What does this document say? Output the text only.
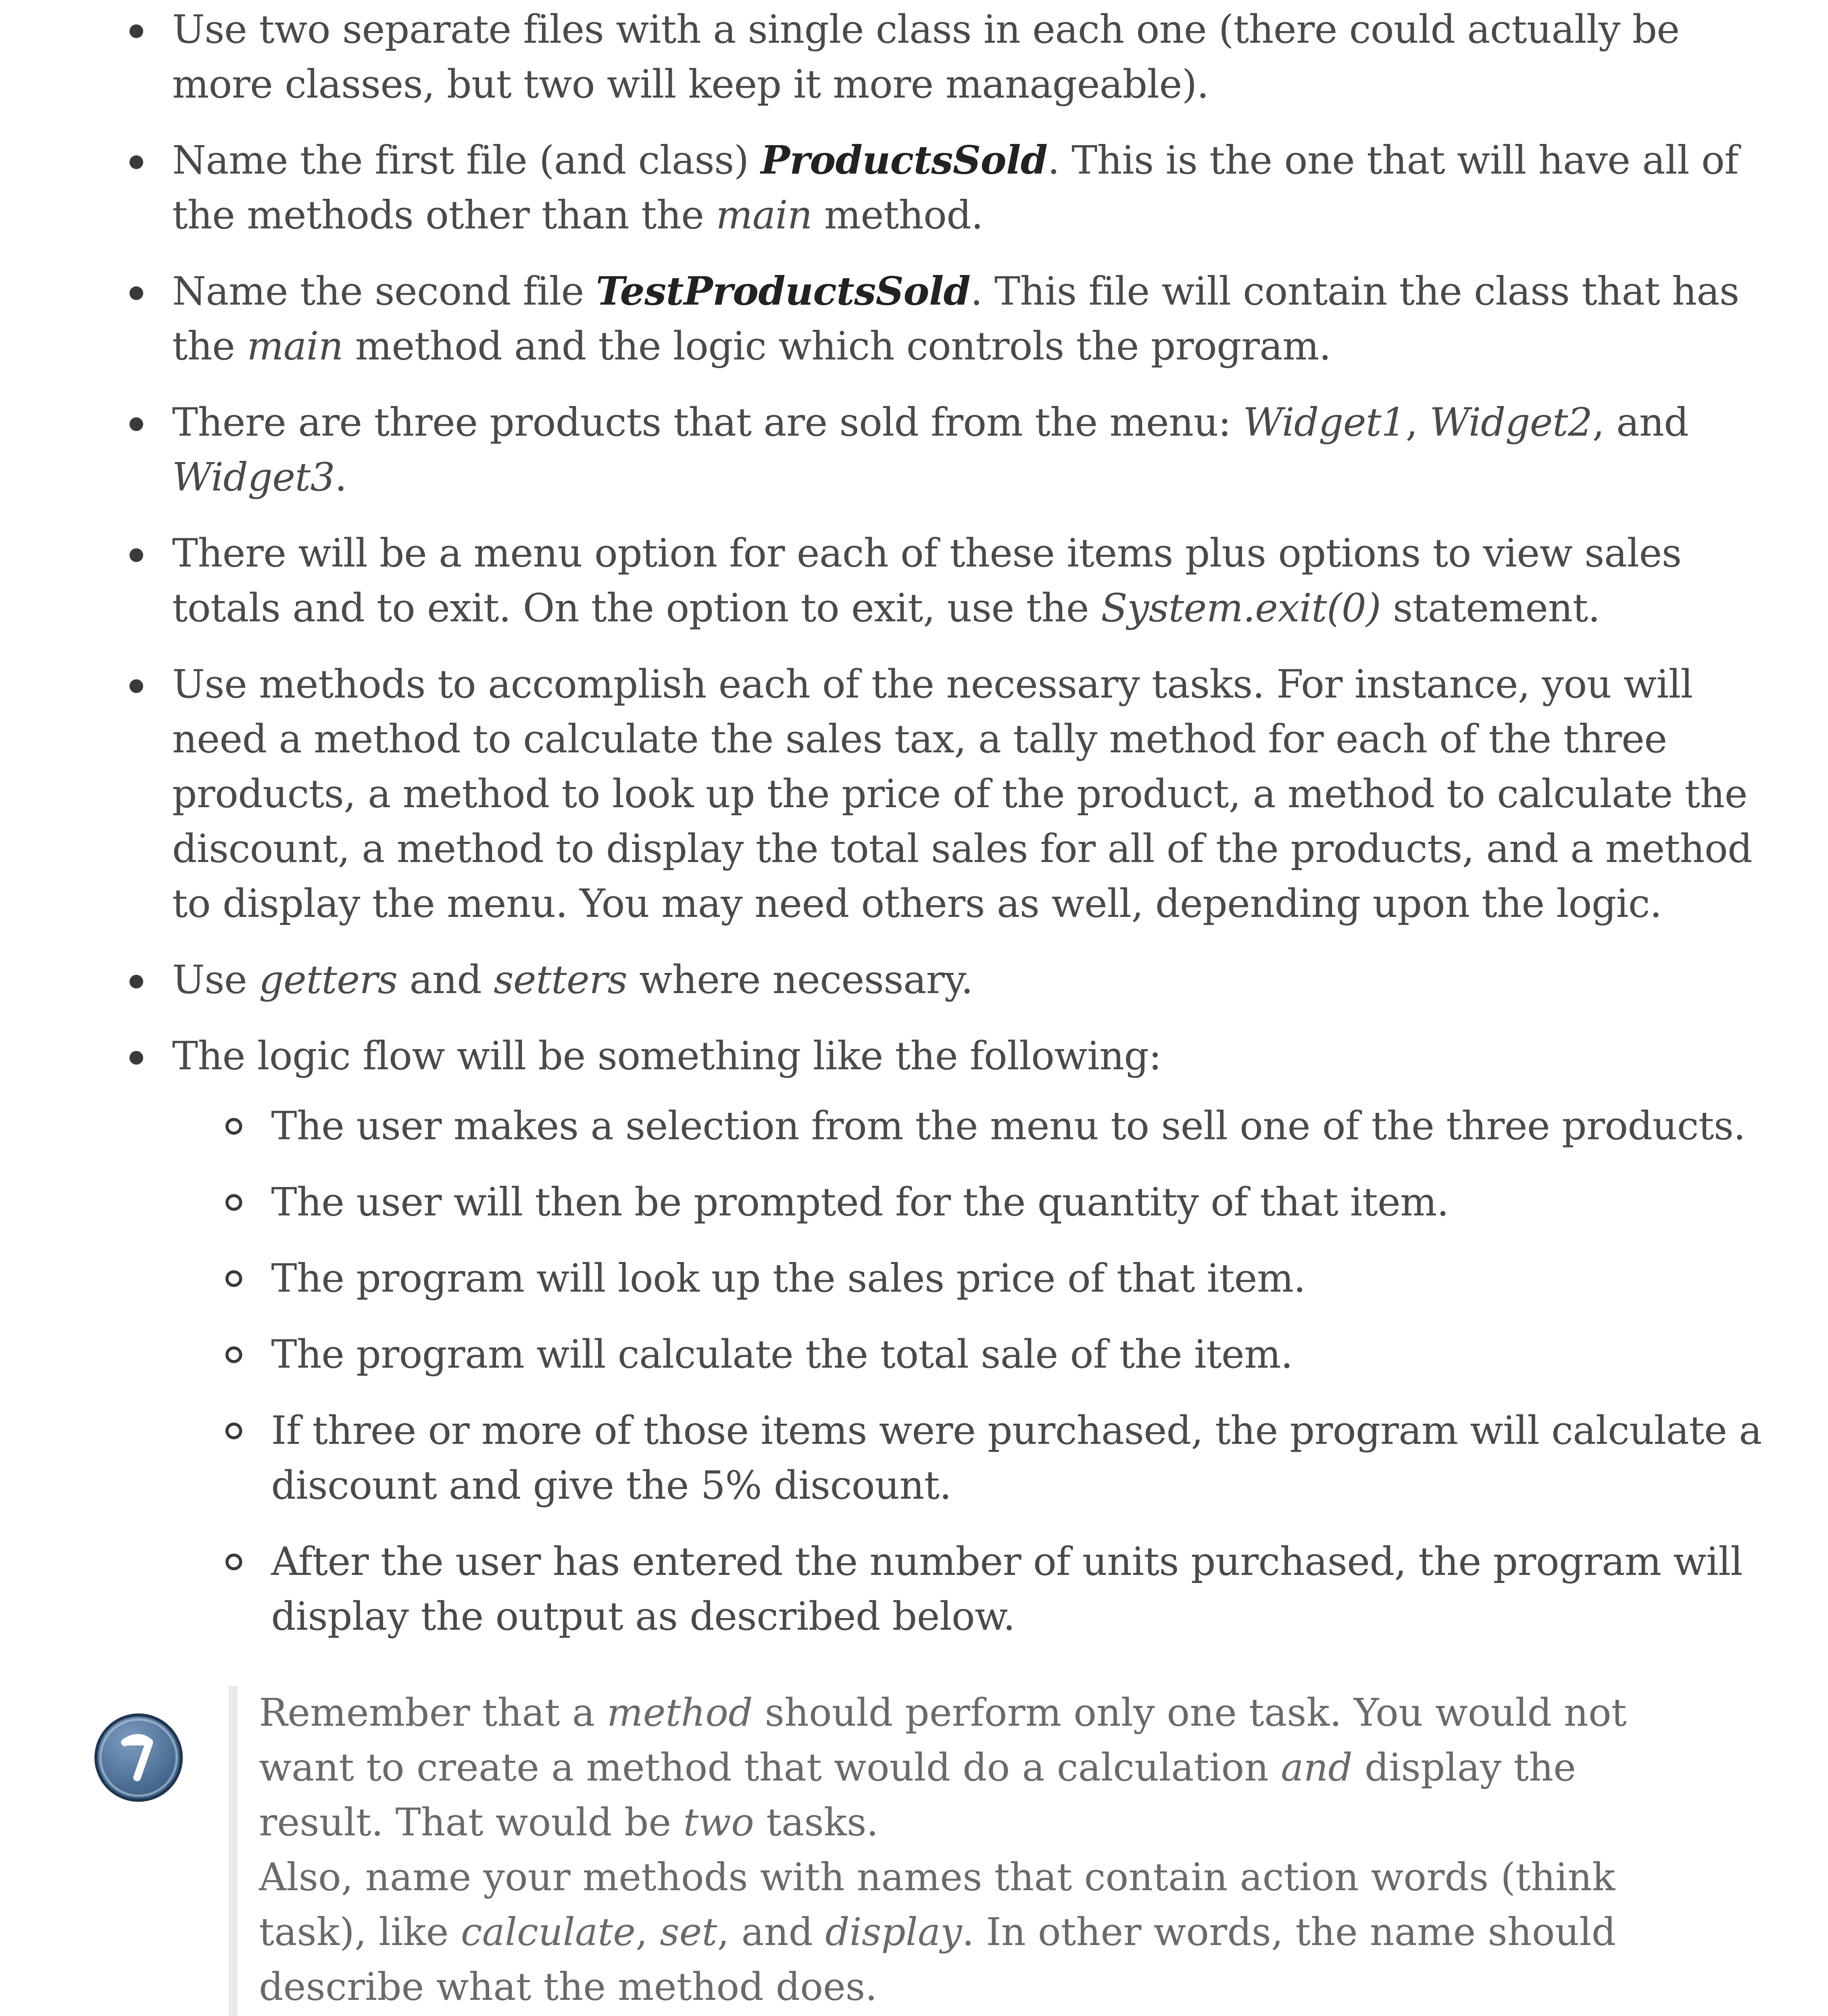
Use two separate files with a single class in each one (there could actually be more classes, but two will keep it more manageable).
Name the first file (and class) ProductsSold. This is the one that will have all of the methods other than the main method.
Name the second file TestProductsSold. This file will contain the class that has the main method and the logic which controls the program.
There are three products that are sold from the menu: Widget1, Widget2, and Widget3.
There will be a menu option for each of these items plus options to view sales totals and to exit. On the option to exit, use the System.exit(0) statement.
Use methods to accomplish each of the necessary tasks. For instance, you will need a method to calculate the sales tax, a tally method for each of the three products, a method to look up the price of the product, a method to calculate the discount, a method to display the total sales for all of the products, and a method to display the menu. You may need others as well, depending upon the logic.
Use getters and setters where necessary.
The logic flow will be something like the following:
The user makes a selection from the menu to sell one of the three products.
The user will then be prompted for the quantity of that item.
The program will look up the sales price of that item.
The program will calculate the total sale of the item.
If three or more of those items were purchased, the program will calculate a discount and give the 5% discount.
After the user has entered the number of units purchased, the program will display the output as described below.

Remember that a method should perform only one task. You would not want to create a method that would do a calculation and display the result. That would be two tasks.

Also, name your methods with names that contain action words (think task), like calculate, set, and display. In other words, the name should describe what the method does.
